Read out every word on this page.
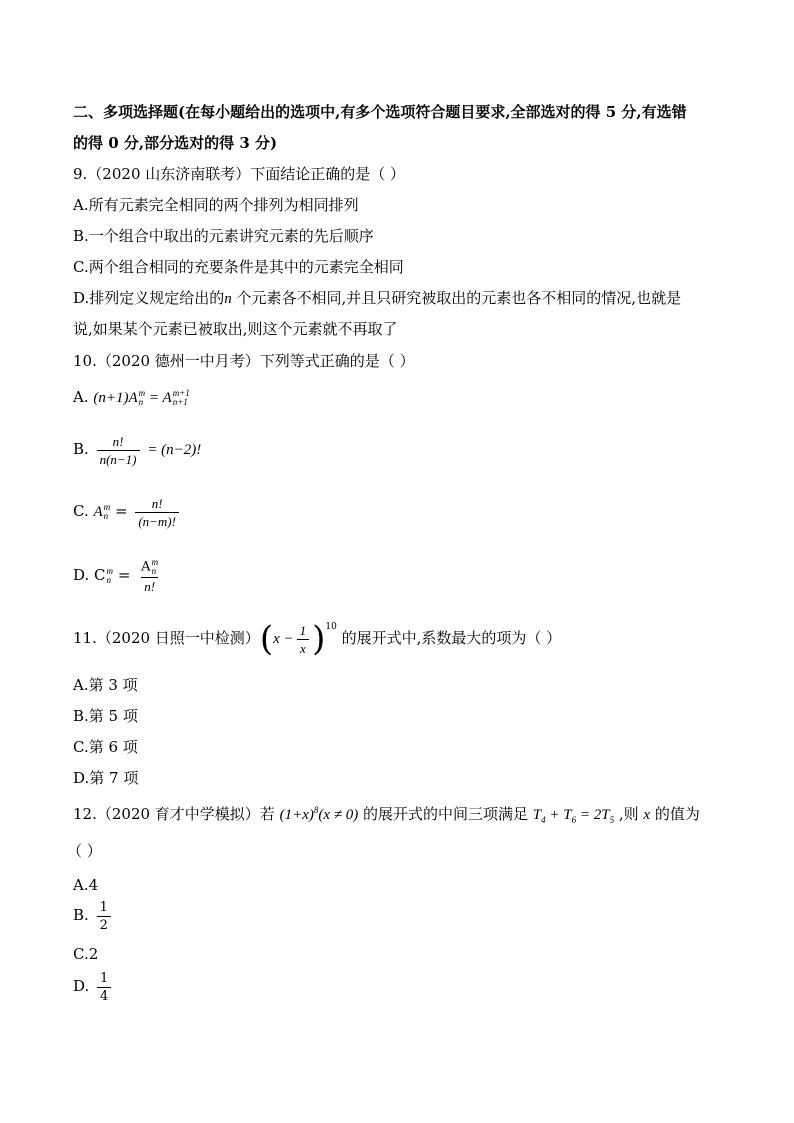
二、多项选择题(在每小题给出的选项中,有多个选项符合题目要求,全部选对的得 5 分,有选错
的得 0 分,部分选对的得 3 分)
9.（2020 山东济南联考）下面结论正确的是（ ）
A.所有元素完全相同的两个排列为相同排列
B.一个组合中取出的元素讲究元素的先后顺序
C.两个组合相同的充要条件是其中的元素完全相同
D.排列定义规定给出的n 个元素各不相同,并且只研究被取出的元素也各不相同的情况,也就是
说,如果某个元素已被取出,则这个元素就不再取了
10.（2020 德州一中月考）下列等式正确的是（ ）
A. (n+1)A m
n = A m+1
n+1
B. $\frac{n!}{n(n-1)} = (n-2)$!
C. A m
$n = \frac{n!}{(n-m)!}$
D. C m
n = A m
n
n!
11.（2020 日照一中检测）$(x - \frac{1}{x} )^{10}$ 的展开式中,系数最大的项为（ ）
A.第 3 项
B.第 5 项
C.第 6 项
D.第 7 项
12.（2020 育才中学模拟）若 $(1+x)^8(x \ne 0)$ 的展开式的中间三项满足 $T_4 + T_6 = 2T_5$ ,则 x 的值为
（ ）
A.4
B. $\frac{1}{2}$
C.2
D. $\frac{1}{4}$
